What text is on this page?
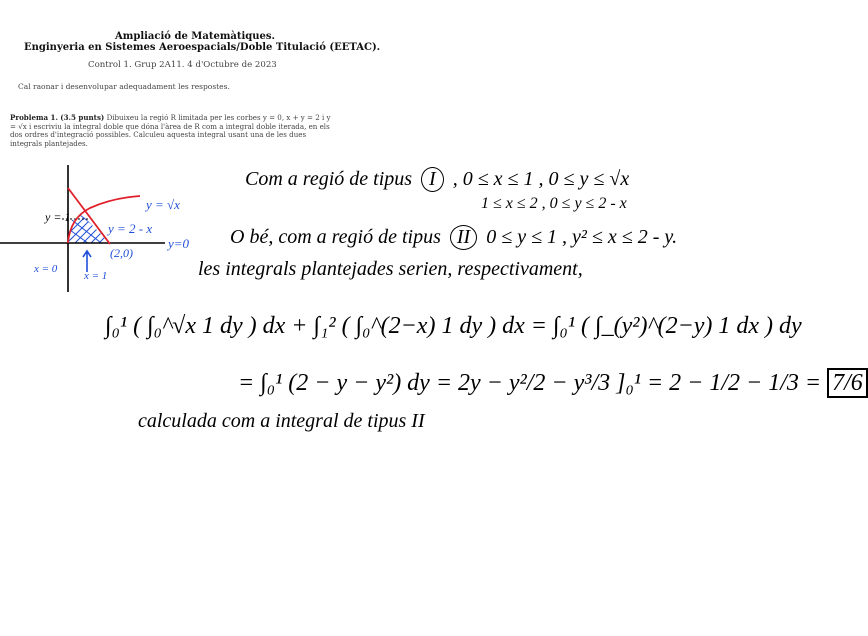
Ampliació de Matemàtiques.
Enginyeria en Sistemes Aeroespacials/Doble Titulació (EETAC).
Control 1. Grup 2A11. 4 d'Octubre de 2023
Cal raonar i desenvolupar adequadament les respostes.
Problema 1. (3.5 punts) Dibuixeu la regió R limitada per les corbes y = 0, x + y = 2 i y = √x i escriviu la integral doble que dóna l'àrea de R com a integral doble iterada, en els dos ordres d'integració possibles. Calculeu aquesta integral usant una de les dues integrals plantejades.
y = √x
y = 1
y = 2 - x
(2,0)
y=0
x = 0
x = 1
Com a regió de tipus I , 0 ≤ x ≤ 1 , 0 ≤ y ≤ √x
1 ≤ x ≤ 2 , 0 ≤ y ≤ 2 - x
O bé, com a regió de tipus II 0 ≤ y ≤ 1 , y² ≤ x ≤ 2 - y.
les integrals plantejades serien, respectivament,
∫₀¹ ( ∫₀^√x 1 dy ) dx + ∫₁² ( ∫₀^(2−x) 1 dy ) dx = ∫₀¹ ( ∫_(y²)^(2−y) 1 dx ) dy
= ∫₀¹ (2 − y − y²) dy = 2y − y²/2 − y³/3 ]₀¹ = 2 − 1/2 − 1/3 = 7/6
calculada com a integral de tipus II
